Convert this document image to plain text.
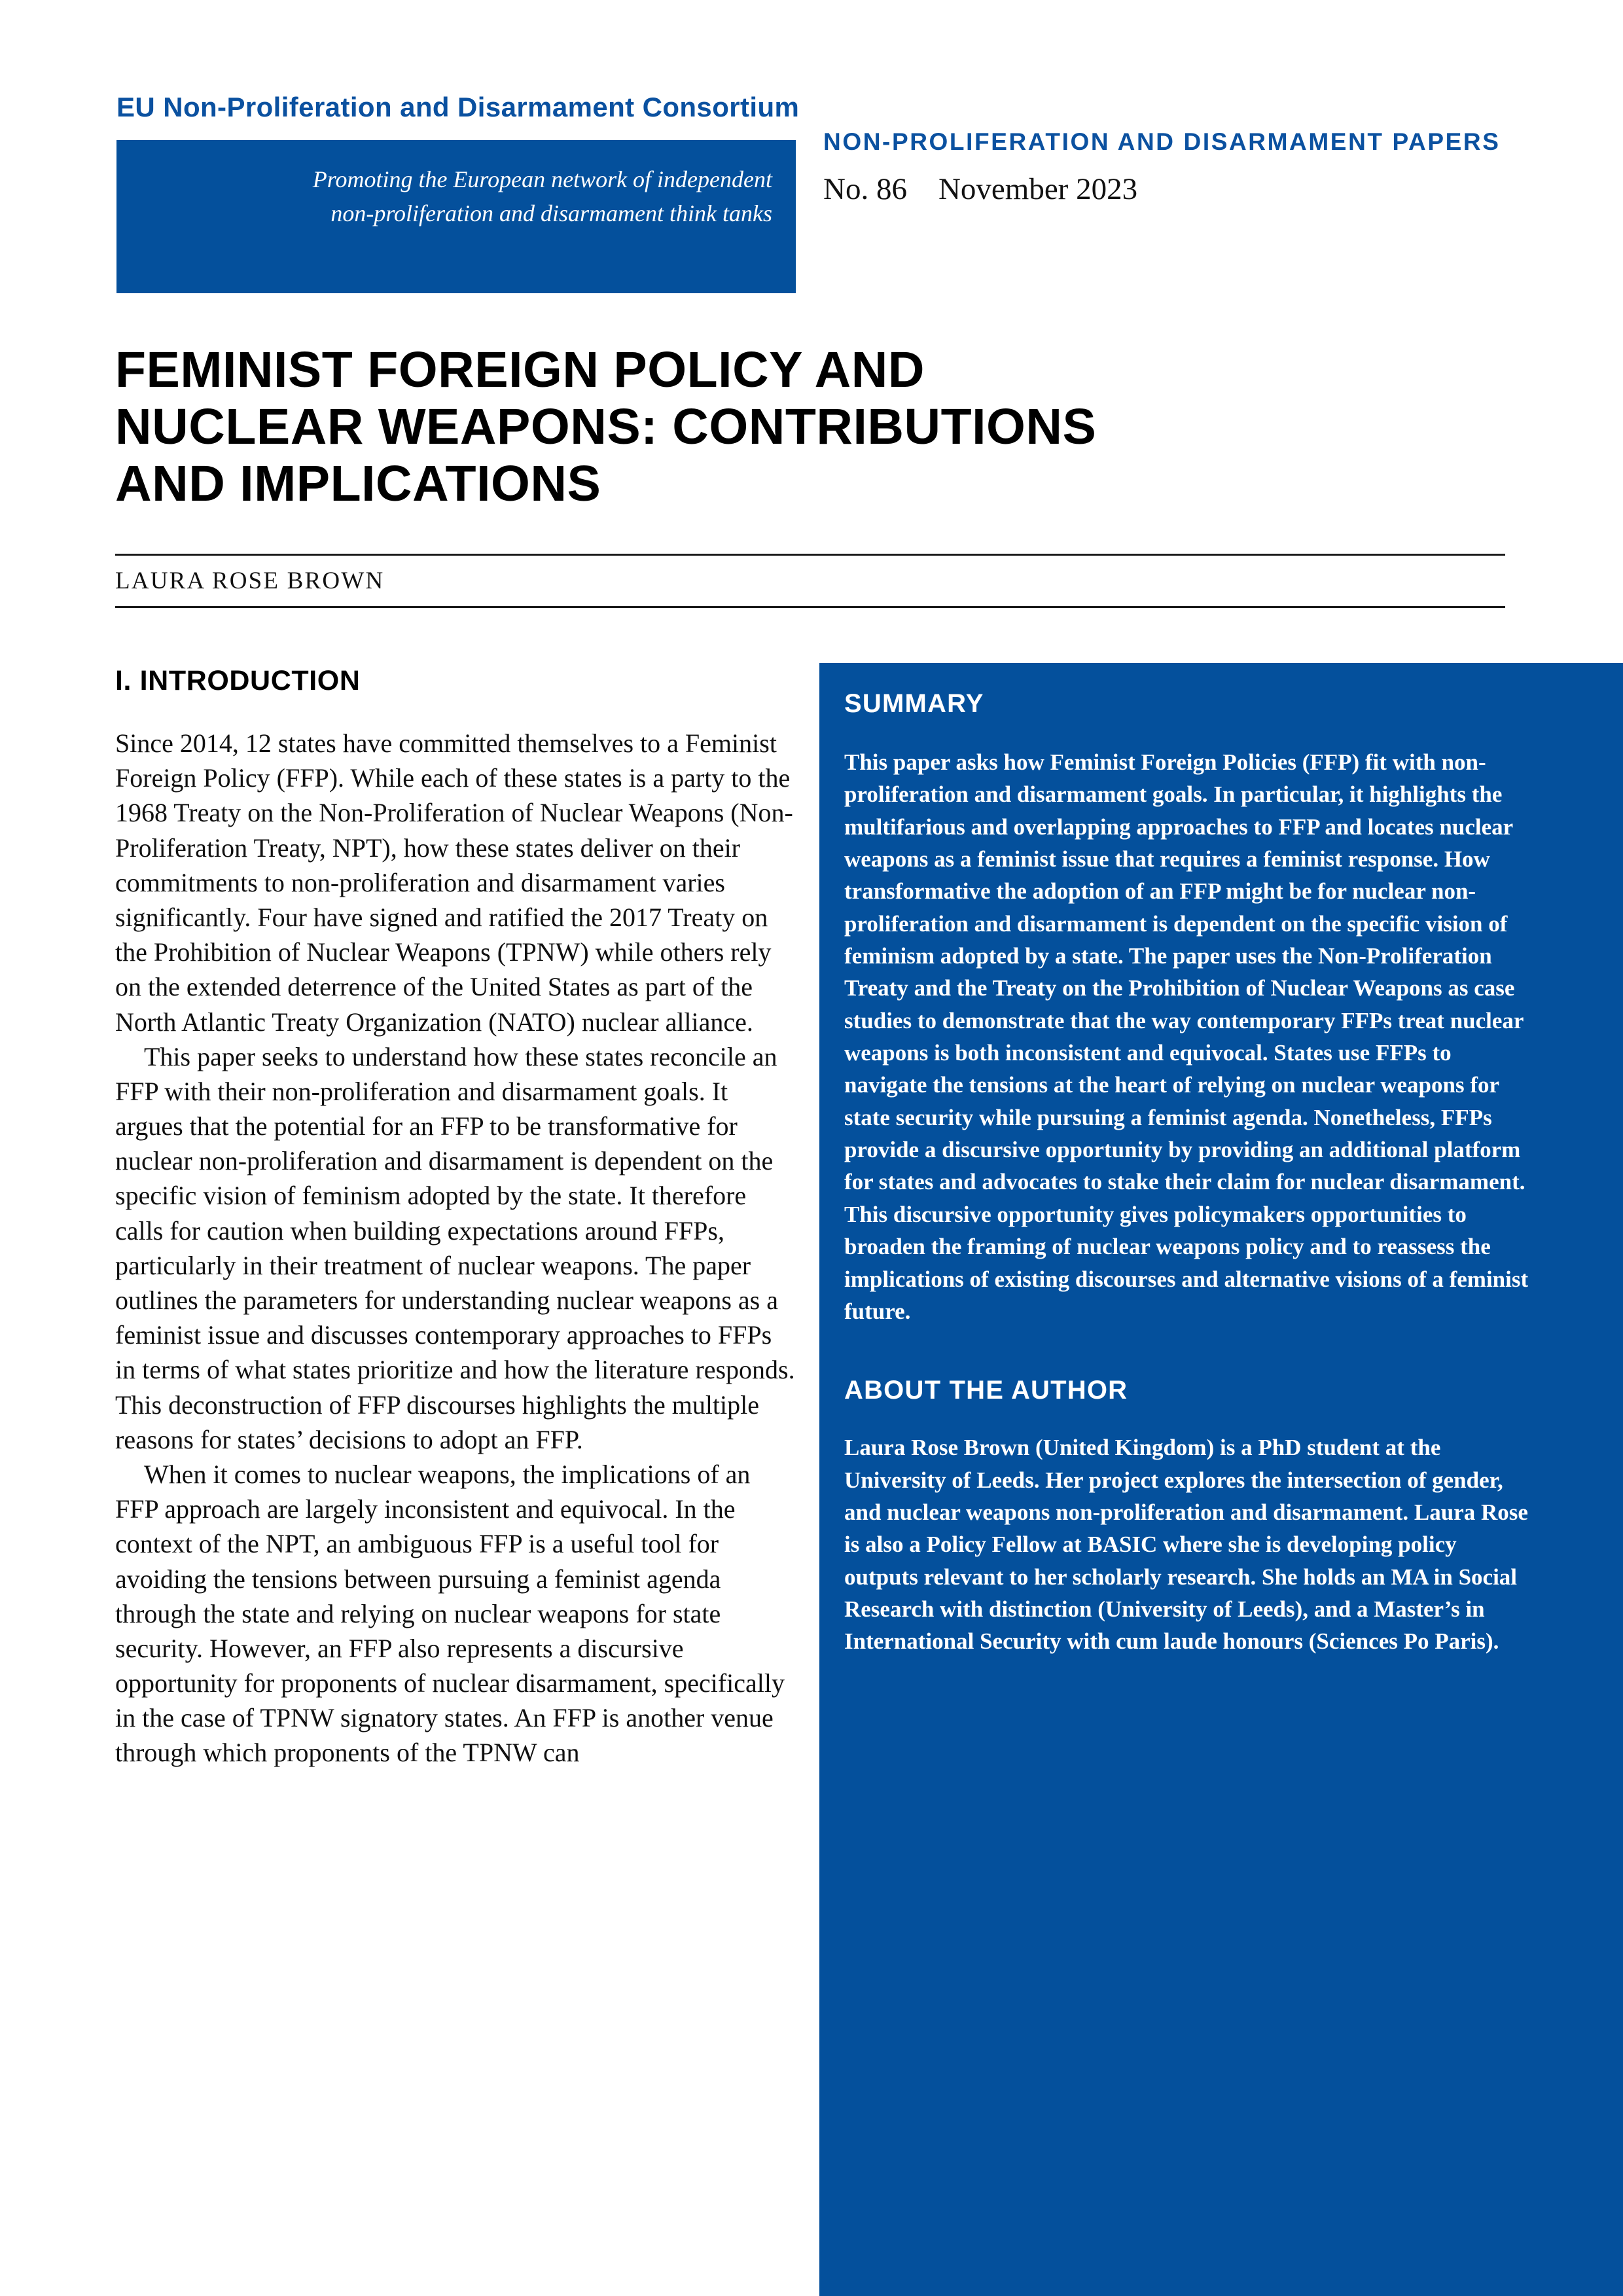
EU Non-Proliferation and Disarmament Consortium
Promoting the European network of independent
non-proliferation and disarmament think tanks
NON-PROLIFERATION AND DISARMAMENT PAPERS
No. 86 November 2023
FEMINIST FOREIGN POLICY AND
NUCLEAR WEAPONS: CONTRIBUTIONS
AND IMPLICATIONS
LAURA ROSE BROWN
I. INTRODUCTION

Since 2014, 12 states have committed themselves to a Feminist Foreign Policy (FFP). While each of these states is a party to the 1968 Treaty on the Non-Proliferation of Nuclear Weapons (Non-Proliferation Treaty, NPT), how these states deliver on their commitments to non-proliferation and disarmament varies significantly. Four have signed and ratified the 2017 Treaty on the Prohibition of Nuclear Weapons (TPNW) while others rely on the extended deterrence of the United States as part of the North Atlantic Treaty Organization (NATO) nuclear alliance.

This paper seeks to understand how these states reconcile an FFP with their non-proliferation and disarmament goals. It argues that the potential for an FFP to be transformative for nuclear non-proliferation and disarmament is dependent on the specific vision of feminism adopted by the state. It therefore calls for caution when building expectations around FFPs, particularly in their treatment of nuclear weapons. The paper outlines the parameters for understanding nuclear weapons as a feminist issue and discusses contemporary approaches to FFPs in terms of what states prioritize and how the literature responds. This deconstruction of FFP discourses highlights the multiple reasons for states’ decisions to adopt an FFP.

When it comes to nuclear weapons, the implications of an FFP approach are largely inconsistent and equivocal. In the context of the NPT, an ambiguous FFP is a useful tool for avoiding the tensions between pursuing a feminist agenda through the state and relying on nuclear weapons for state security. However, an FFP also represents a discursive opportunity for proponents of nuclear disarmament, specifically in the case of TPNW signatory states. An FFP is another venue through which proponents of the TPNW can

SUMMARY

This paper asks how Feminist Foreign Policies (FFP) fit with non-proliferation and disarmament goals. In particular, it highlights the multifarious and overlapping approaches to FFP and locates nuclear weapons as a feminist issue that requires a feminist response. How transformative the adoption of an FFP might be for nuclear non-proliferation and disarmament is dependent on the specific vision of feminism adopted by a state. The paper uses the Non-Proliferation Treaty and the Treaty on the Prohibition of Nuclear Weapons as case studies to demonstrate that the way contemporary FFPs treat nuclear weapons is both inconsistent and equivocal. States use FFPs to navigate the tensions at the heart of relying on nuclear weapons for state security while pursuing a feminist agenda. Nonetheless, FFPs provide a discursive opportunity by providing an additional platform for states and advocates to stake their claim for nuclear disarmament. This discursive opportunity gives policymakers opportunities to broaden the framing of nuclear weapons policy and to reassess the implications of existing discourses and alternative visions of a feminist future.

ABOUT THE AUTHOR

Laura Rose Brown (United Kingdom) is a PhD student at the University of Leeds. Her project explores the intersection of gender, and nuclear weapons non-proliferation and disarmament. Laura Rose is also a Policy Fellow at BASIC where she is developing policy outputs relevant to her scholarly research. She holds an MA in Social Research with distinction (University of Leeds), and a Master’s in International Security with cum laude honours (Sciences Po Paris).
